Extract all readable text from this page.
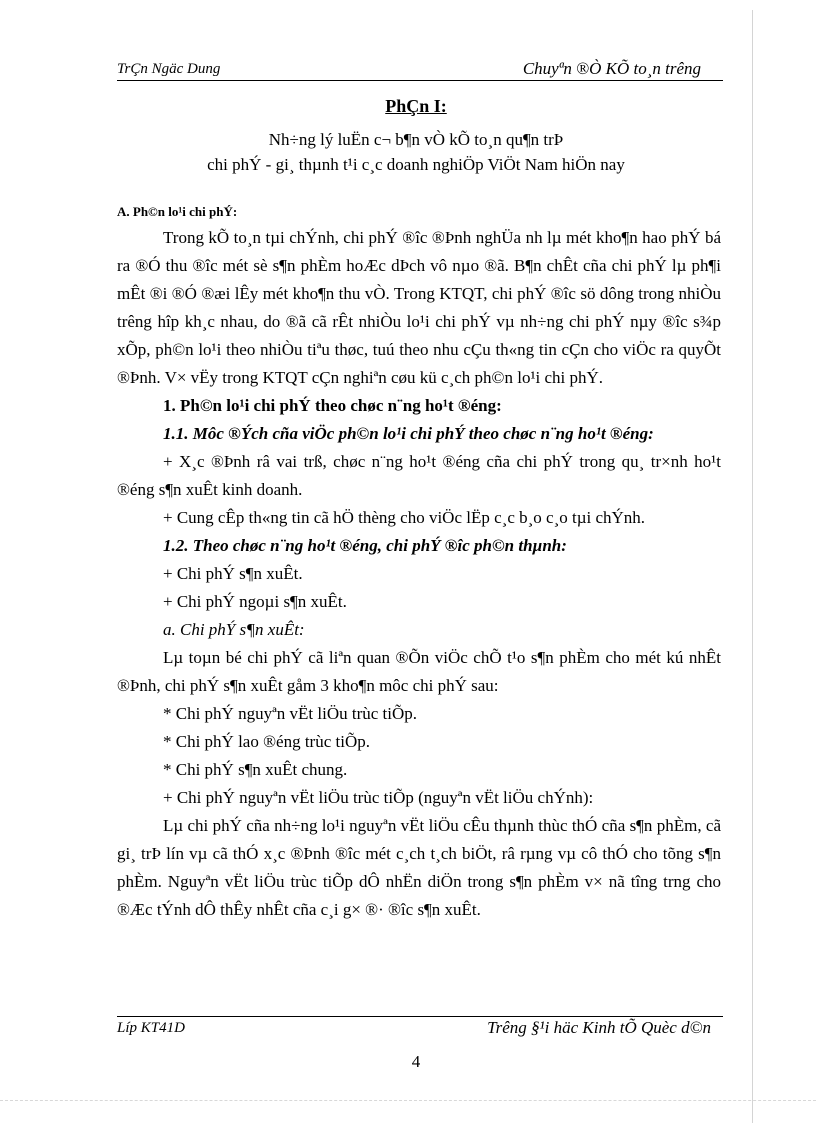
TrÇn Ngäc Dung	Chuyªn ®Ò KÕ to¸n trêng
PhÇn I:
Nh÷ng lý luËn c¬ b¶n vÒ kÕ to¸n qu¶n trÞ
chi phÝ - gi¸ thµnh t¹i c¸c doanh nghiÖp ViÖt Nam hiÖn nay
A. Ph©n lo¹i chi phÝ:

Trong kÕ to¸n tµi chÝnh, chi phÝ ®îc ®Þnh nghÜa nh lµ mét kho¶n hao phÝ bá ra ®Ó thu ®îc mét sè s¶n phÈm hoÆc dÞch vô nµo ®ã. B¶n chÊt cña chi phÝ lµ ph¶i mÊt ®i ®Ó ®æi lÊy mét kho¶n thu vÒ. Trong KTQT, chi phÝ ®îc sö dông trong nhiÒu trêng hîp kh¸c nhau, do ®ã cã rÊt nhiÒu lo¹i chi phÝ vµ nh÷ng chi phÝ nµy ®îc s¾p xÕp, ph©n lo¹i theo nhiÒu tiªu thøc, tuú theo nhu cÇu th«ng tin cÇn cho viÖc ra quyÕt ®Þnh. V× vËy trong KTQT cÇn nghiªn cøu kü c¸ch ph©n lo¹i chi phÝ.

1. Ph©n lo¹i chi phÝ theo chøc n¨ng ho¹t ®éng:

1.1. Môc ®Ých cña viÖc ph©n lo¹i chi phÝ theo chøc n¨ng ho¹t ®éng:

+ X¸c ®Þnh râ vai trß, chøc n¨ng ho¹t ®éng cña chi phÝ trong qu¸ tr×nh ho¹t ®éng s¶n xuÊt kinh doanh.

+ Cung cÊp th«ng tin cã hÖ thèng cho viÖc lËp c¸c b¸o c¸o tµi chÝnh.

1.2. Theo chøc n¨ng ho¹t ®éng, chi phÝ ®îc ph©n thµnh:

+ Chi phÝ s¶n xuÊt.

+ Chi phÝ ngoµi s¶n xuÊt.

a. Chi phÝ s¶n xuÊt:

Lµ toµn bé chi phÝ cã liªn quan ®Õn viÖc chÕ t¹o s¶n phÈm cho mét kú nhÊt ®Þnh, chi phÝ s¶n xuÊt gåm 3 kho¶n môc chi phÝ sau:

* Chi phÝ nguyªn vËt liÖu trùc tiÕp.

* Chi phÝ lao ®éng trùc tiÕp.

* Chi phÝ s¶n xuÊt chung.

+ Chi phÝ nguyªn vËt liÖu trùc tiÕp (nguyªn vËt liÖu chÝnh):

Lµ chi phÝ cña nh÷ng lo¹i nguyªn vËt liÖu cÊu thµnh thùc thÓ cña s¶n phÈm, cã gi¸ trÞ lín vµ cã thÓ x¸c ®Þnh ®îc mét c¸ch t¸ch biÖt, râ rµng vµ cô thÓ cho tõng s¶n phÈm. Nguyªn vËt liÖu trùc tiÕp dÔ nhËn diÖn trong s¶n phÈm v× nã tîng trng cho ®Æc tÝnh dÔ thÊy nhÊt cña c¸i g× ®· ®îc s¶n xuÊt.

Líp KT41D	Trêng §¹i häc Kinh tÕ Quèc d©n
4
